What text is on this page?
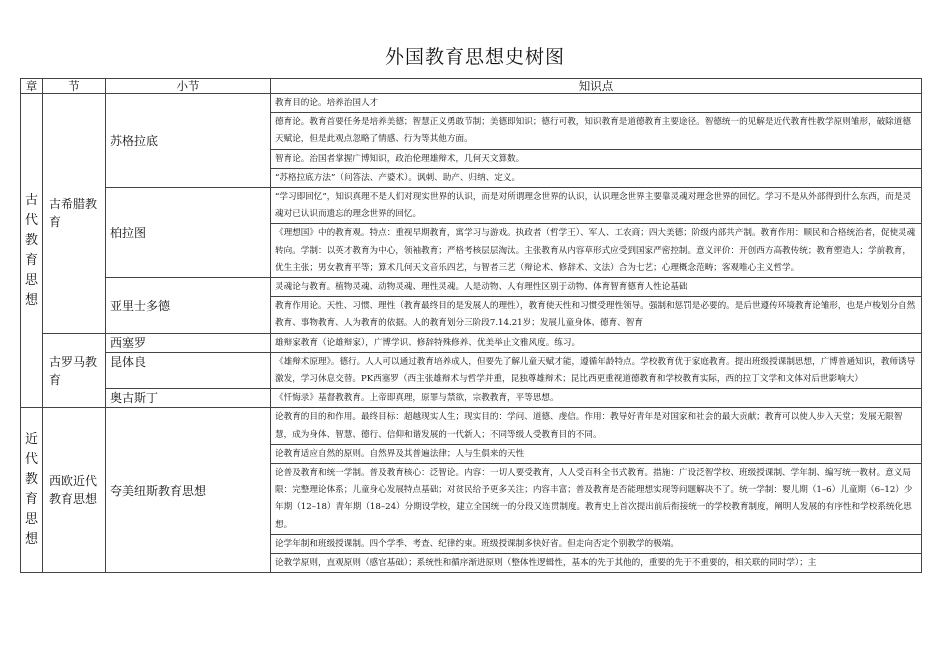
外国教育思想史树图
章	节	小节	知识点
古代教育思想	古希腊教育	苏格拉底	教育目的论。培养治国人才
			德育论。教育首要任务是培养美德；智慧正义勇敢节制；美德即知识；德行可教，知识教育是道德教育主要途径。智德统一的见解是近代教育性教学原则雏形，破除道德天赋论，但是此观点忽略了情感、行为等其他方面。
			智育论。治国者掌握广博知识，政治伦理雄辩术，几何天文算数。
			“苏格拉底方法”（问答法、产婆术）。讽刺、助产、归纳、定义。
		柏拉图	“学习即回忆”，知识真理不是人们对现实世界的认识，而是对所谓理念世界的认识，认识理念世界主要靠灵魂对理念世界的回忆。学习不是从外部得到什么东西，而是灵魂对已认识而遗忘的理念世界的回忆。
			《理想国》中的教育观。特点：重视早期教育，寓学习与游戏。执政者（哲学王）、军人、工农商；四大美德；阶级内部共产制。教育作用：顺民和合格统治者，促使灵魂转向。学制：以英才教育为中心，领袖教育；严格考核层层淘汰。主张教育从内容草形式应受到国家严密控制。意义评价：开创西方高教传统；教育塑造人；学前教育，优生主张；男女教育平等；算术几何天文音乐四艺，与智者三艺（辩论术、修辞术、文法）合为七艺；心理概念范畴；客观唯心主义哲学。
		亚里士多德	灵魂论与教育。植物灵魂、动物灵魂、理性灵魂。人是动物、人有理性区别于动物、体育智育德育人性论基础
			教育作用论。天性、习惯、理性（教育最终目的是发展人的理性），教育使天性和习惯受理性领导。强制和惩罚是必要的。是后世遵传环境教育论雏形，也是卢梭划分自然教育、事物教育、人为教育的依据。人的教育划分三阶段7.14.21岁；发展儿童身体、德育、智育
	古罗马教育	西塞罗	雄辩家教育（论雄辩家），广博学识、修辞特殊修养、优美举止文雅风度。练习。
		昆体良	《雄辩术原理》。德行。人人可以通过教育培养成人，但要先了解儿童天赋才能，遵循年龄特点。学校教育优于家庭教育。提出班级授课制思想，广博普通知识，教师诱导激发，学习休息交替。PK西塞罗（西主张雄辩术与哲学并重，昆独尊雄辩术；昆比西更重视道德教育和学校教育实际，西的拉丁文学和文体对后世影响大）
		奥古斯丁	《忏悔录》基督教教育。上帝即真理，原罪与禁欲，宗教教育，平等思想。
近代教育思想	西欧近代教育思想	夸美纽斯教育思想	论教育的目的和作用。最终目标：超越现实人生；现实目的：学问、道德、虔信。作用：教导好青年是对国家和社会的最大贡献；教育可以使人步入天堂；发展无限智慧，成为身体、智慧、德行、信仰和谐发展的一代新人；不同等级人受教育目的不同。
			论教育适应自然的原则。自然界及其普遍法律；人与生俱来的天性
			论普及教育和统一学制。普及教育核心：泛智论。内容：一切人要受教育，人人受百科全书式教育。措施：广设泛智学校、班级授课制、学年制、编写统一教材。意义局限：完整理论体系；儿童身心发展特点基础；对贫民给予更多关注；内容丰富；普及教育是否能理想实现等问题解决不了。统一学制：婴儿期（1–6）儿童期（6–12）少年期（12–18）青年期（18–24）分期设学校，建立全国统一的分段又连贯制度。教育史上首次提出前后衔接统一的学校教育制度，阐明人发展的有序性和学校系统化思想。
			论学年制和班级授课制。四个学季、考查、纪律约束。班级授课制多快好省。但走向否定个别教学的极端。
			论教学原则，直观原则（感官基础）；系统性和循序渐进原则（整体性逻辑性，基本的先于其他的，重要的先于不重要的，相关联的同时学）；主
